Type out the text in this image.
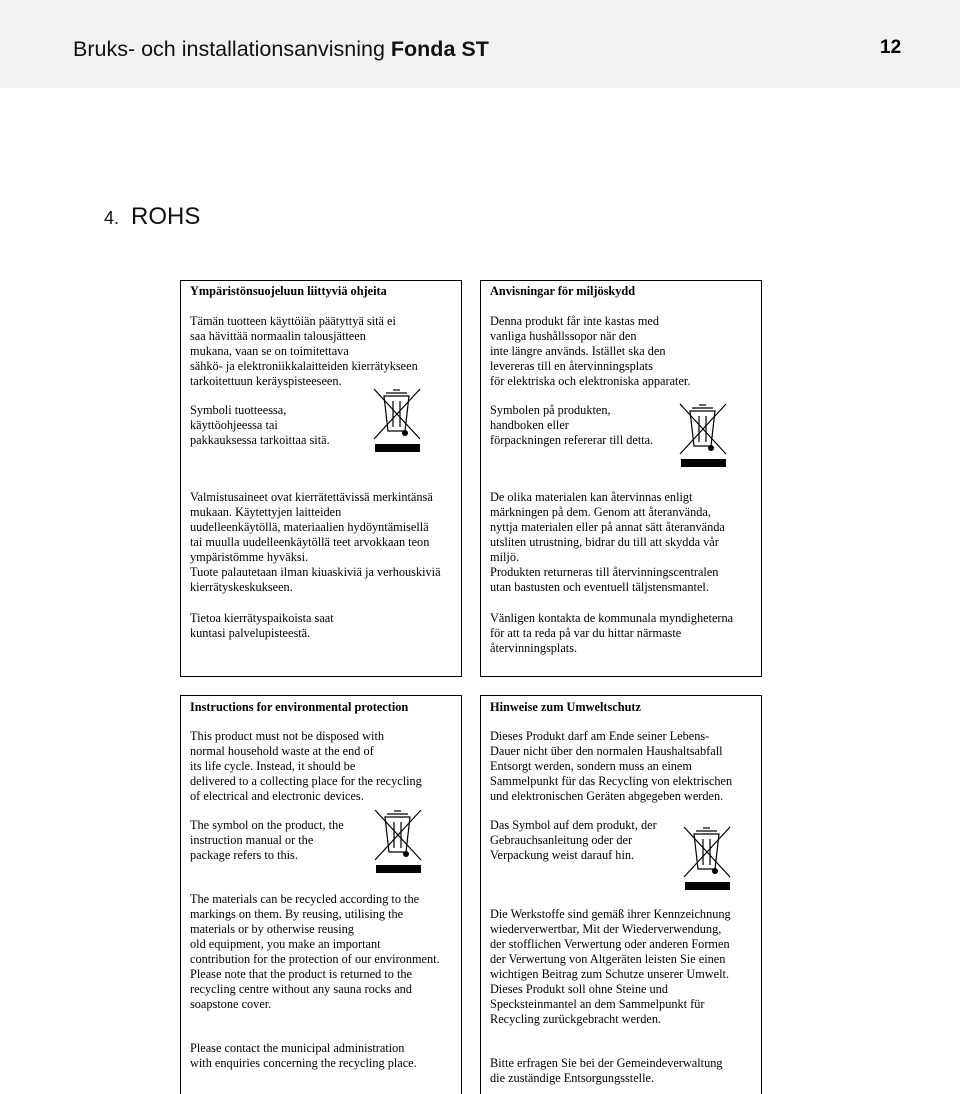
Bruks- och installationsanvisning Fonda ST	12
4. ROHS
Ympäristönsuojeluun liittyviä ohjeita
Tämän tuotteen käyttöiän päätyttyä sitä ei
saa hävittää normaalin talousjätteen
mukana, vaan se on toimitettava
sähkö- ja elektroniikkalaitteiden kierrätykseen
tarkoitettuun keräyspisteeseen.
Symboli tuotteessa,
käyttöohjeessa tai
pakkauksessa tarkoittaa sitä.
Valmistusaineet ovat kierrätettävissä merkintänsä
mukaan. Käytettyjen laitteiden
uudelleenkäytöllä, materiaalien hydöyntämisellä
tai muulla uudelleenkäytöllä teet arvokkaan teon
ympäristömme hyväksi.
Tuote palautetaan ilman kiuaskiviä ja verhouskiviä
kierrätyskeskukseen.
Tietoa kierrätyspaikoista saat
kuntasi palvelupisteestä.
Anvisningar för miljöskydd
Denna produkt får inte kastas med
vanliga hushållssopor när den
inte längre används. Istället ska den
levereras till en återvinningsplats
för elektriska och elektroniska apparater.
Symbolen på produkten,
handboken eller
förpackningen refererar till detta.
De olika materialen kan återvinnas enligt
märkningen på dem. Genom att återanvända,
nyttja materialen eller på annat sätt återanvända
utsliten utrustning, bidrar du till att skydda vår
miljö.
Produkten returneras till återvinningscentralen
utan bastusten och eventuell täljstensmantel.
Vänligen kontakta de kommunala myndigheterna
för att ta reda på var du hittar närmaste
återvinningsplats.
Instructions for environmental protection
This product must not be disposed with
normal household waste at the end of
its life cycle. Instead, it should be
delivered to a collecting place for the recycling
of electrical and electronic devices.
The symbol on the product, the
instruction manual or the
package refers to this.
The materials can be recycled according to the
markings on them. By reusing, utilising the
materials or by otherwise reusing
old equipment, you make an important
contribution for the protection of our environment.
Please note that the product is returned to the
recycling centre without any sauna rocks and
soapstone cover.
Please contact the municipal administration
with enquiries concerning the recycling place.
Hinweise zum Umweltschutz
Dieses Produkt darf am Ende seiner Lebens-
Dauer nicht über den normalen Haushaltsabfall
Entsorgt werden, sondern muss an einem
Sammelpunkt für das Recycling von elektrischen
und elektronischen Geräten abgegeben werden.
Das Symbol auf dem produkt, der
Gebrauchsanleitung oder der
Verpackung weist darauf hin.
Die Werkstoffe sind gemäß ihrer Kennzeichnung
wiederverwertbar, Mit der Wiederverwendung,
der stofflichen Verwertung oder anderen Formen
der Verwertung von Altgeräten leisten Sie einen
wichtigen Beitrag zum Schutze unserer Umwelt.
Dieses Produkt soll ohne Steine und
Specksteinmantel an dem Sammelpunkt für
Recycling zurückgebracht werden.
Bitte erfragen Sie bei der Gemeindeverwaltung
die zuständige Entsorgungsstelle.
